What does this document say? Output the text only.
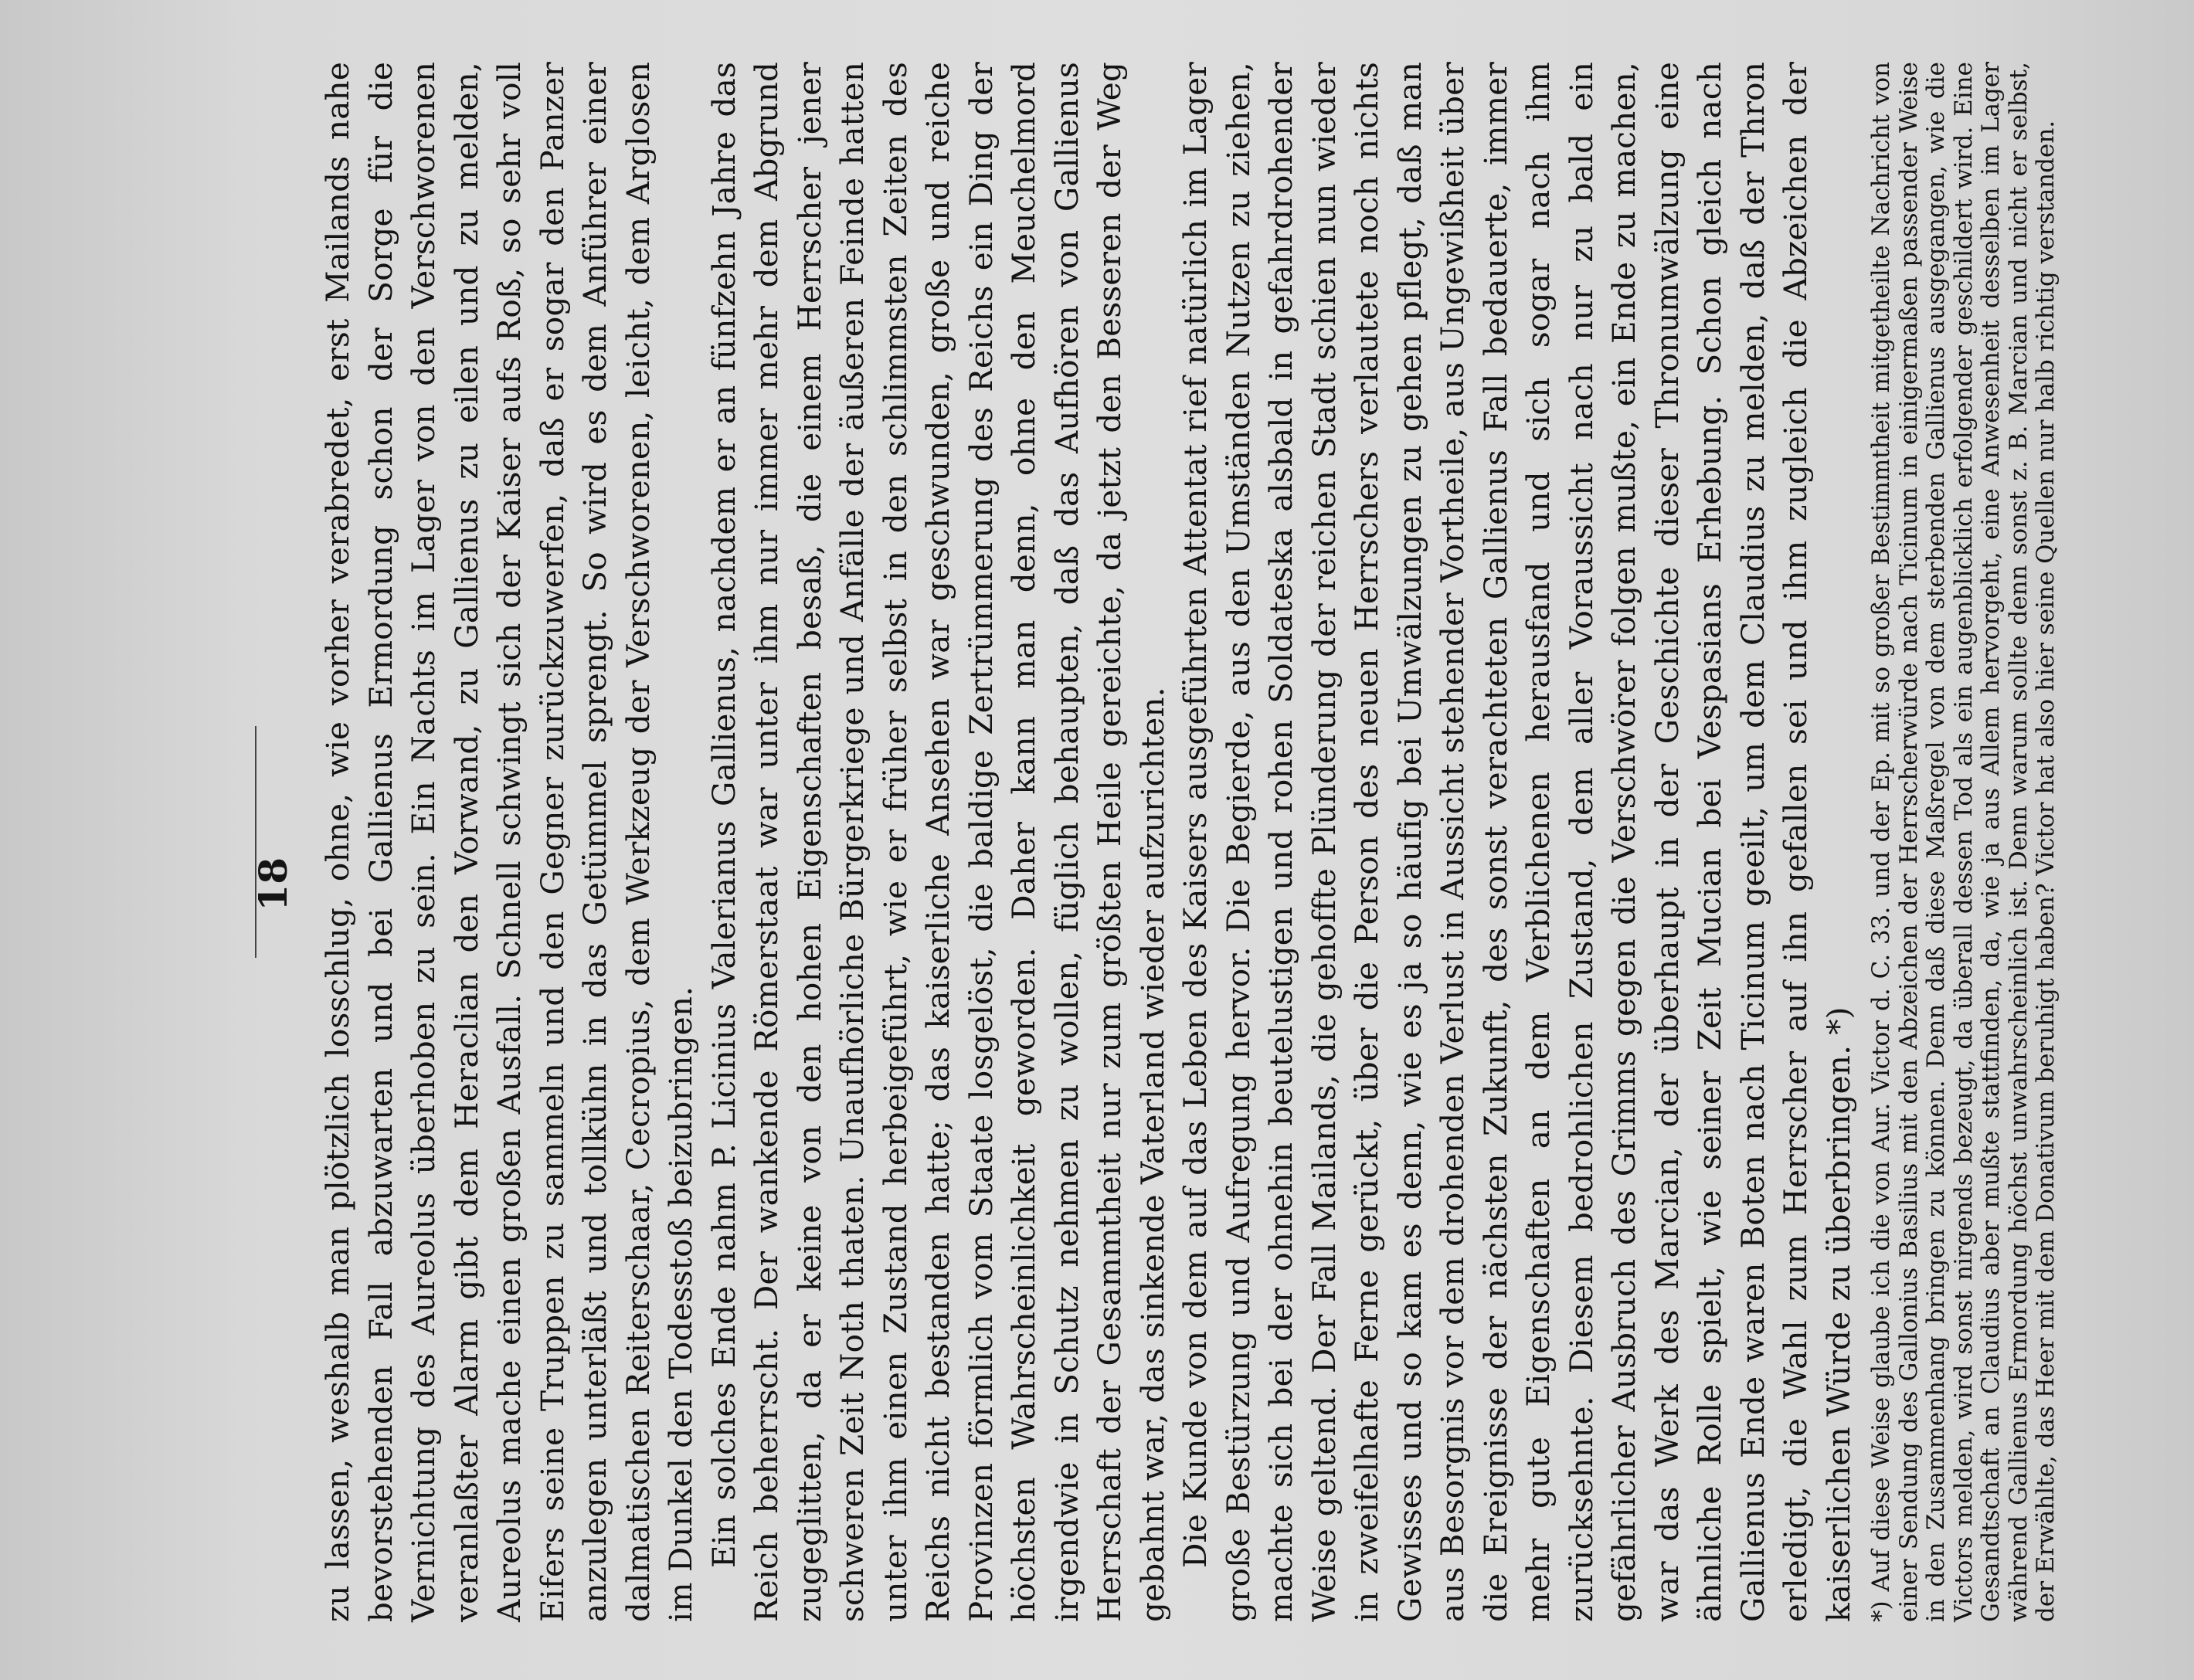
18 zu lassen, weshalb man plötzlich losschlug, ohne, wie vorher verabredet, erst Mailands nahe bevorstehenden Fall abzuwarten und bei Gallienus Ermordung schon der Sorge für die Vernichtung des Aureolus überhoben zu sein. Ein Nachts im Lager von den Verschworenen veranlaßter Alarm gibt dem Heraclian den Vorwand, zu Gallienus zu eilen und zu melden, Aureolus mache einen großen Ausfall. Schnell schwingt sich der Kaiser aufs Roß, so sehr voll Eifers seine Truppen zu sammeln und den Gegner zurückzuwerfen, daß er sogar den Panzer anzulegen unterläßt und tollkühn in das Getümmel sprengt. So wird es dem Anführer einer dalmatischen Reiterschaar, Cecropius, dem Werkzeug der Verschworenen, leicht, dem Arglosen im Dunkel den Todesstoß beizubringen. Ein solches Ende nahm P. Licinius Valerianus Gallienus, nachdem er an fünfzehn Jahre das Reich beherrscht. Der wankende Römerstaat war unter ihm nur immer mehr dem Abgrund zugeglitten, da er keine von den hohen Eigenschaften besaß, die einem Herrscher jener schweren Zeit Noth thaten. Unaufhörliche Bürgerkriege und Anfälle der äußeren Feinde hatten unter ihm einen Zustand herbeigeführt, wie er früher selbst in den schlimmsten Zeiten des Reichs nicht bestanden hatte; das kaiserliche Ansehen war geschwunden, große und reiche Provinzen förmlich vom Staate losgelöst, die baldige Zertrümmerung des Reichs ein Ding der höchsten Wahrscheinlichkeit geworden. Daher kann man denn, ohne den Meuchelmord irgendwie in Schutz nehmen zu wollen, füglich behaupten, daß das Aufhören von Gallienus Herrschaft der Gesammtheit nur zum größten Heile gereichte, da jetzt den Besseren der Weg gebahnt war, das sinkende Vaterland wieder aufzurichten. Die Kunde von dem auf das Leben des Kaisers ausgeführten Attentat rief natürlich im Lager große Bestürzung und Aufregung hervor. Die Begierde, aus den Umständen Nutzen zu ziehen, machte sich bei der ohnehin beutelustigen und rohen Soldateska alsbald in gefahrdrohender Weise geltend. Der Fall Mailands, die gehoffte Plünderung der reichen Stadt schien nun wieder in zweifelhafte Ferne gerückt, über die Person des neuen Herrschers verlautete noch nichts Gewisses und so kam es denn, wie es ja so häufig bei Umwälzungen zu gehen pflegt, daß man aus Besorgnis vor dem drohenden Verlust in Aussicht stehender Vortheile, aus Ungewißheit über die Ereignisse der nächsten Zukunft, des sonst verachteten Gallienus Fall bedauerte, immer mehr gute Eigenschaften an dem Verblichenen herausfand und sich sogar nach ihm zurücksehnte. Diesem bedrohlichen Zustand, dem aller Voraussicht nach nur zu bald ein gefährlicher Ausbruch des Grimms gegen die Verschwörer folgen mußte, ein Ende zu machen, war das Werk des Marcian, der überhaupt in der Geschichte dieser Thronumwälzung eine ähnliche Rolle spielt, wie seiner Zeit Mucian bei Vespasians Erhebung. Schon gleich nach Gallienus Ende waren Boten nach Ticinum geeilt, um dem Claudius zu melden, daß der Thron erledigt, die Wahl zum Herrscher auf ihn gefallen sei und ihm zugleich die Abzeichen der kaiserlichen Würde zu überbringen. *) *) Auf diese Weise glaube ich die von Aur. Victor d. C. 33. und der Ep. mit so großer Bestimmtheit mitgetheilte Nachricht von einer Sendung des Gallonius Basilius mit den Abzeichen der Herrscherwürde nach Ticinum in einigermaßen passender Weise in den Zusammenhang bringen zu können. Denn daß diese Maßregel von dem sterbenden Gallienus ausgegangen, wie die Victors melden, wird sonst nirgends bezeugt, da überall dessen Tod als ein augenblicklich erfolgender geschildert wird. Eine Gesandtschaft an Claudius aber mußte stattfinden, da, wie ja aus Allem hervorgeht, eine Anwesenheit desselben im Lager während Gallienus Ermordung höchst unwahrscheinlich ist. Denn warum sollte denn sonst z. B. Marcian und nicht er selbst, der Erwählte, das Heer mit dem Donativum beruhigt haben? Victor hat also hier seine Quellen nur halb richtig verstanden.
